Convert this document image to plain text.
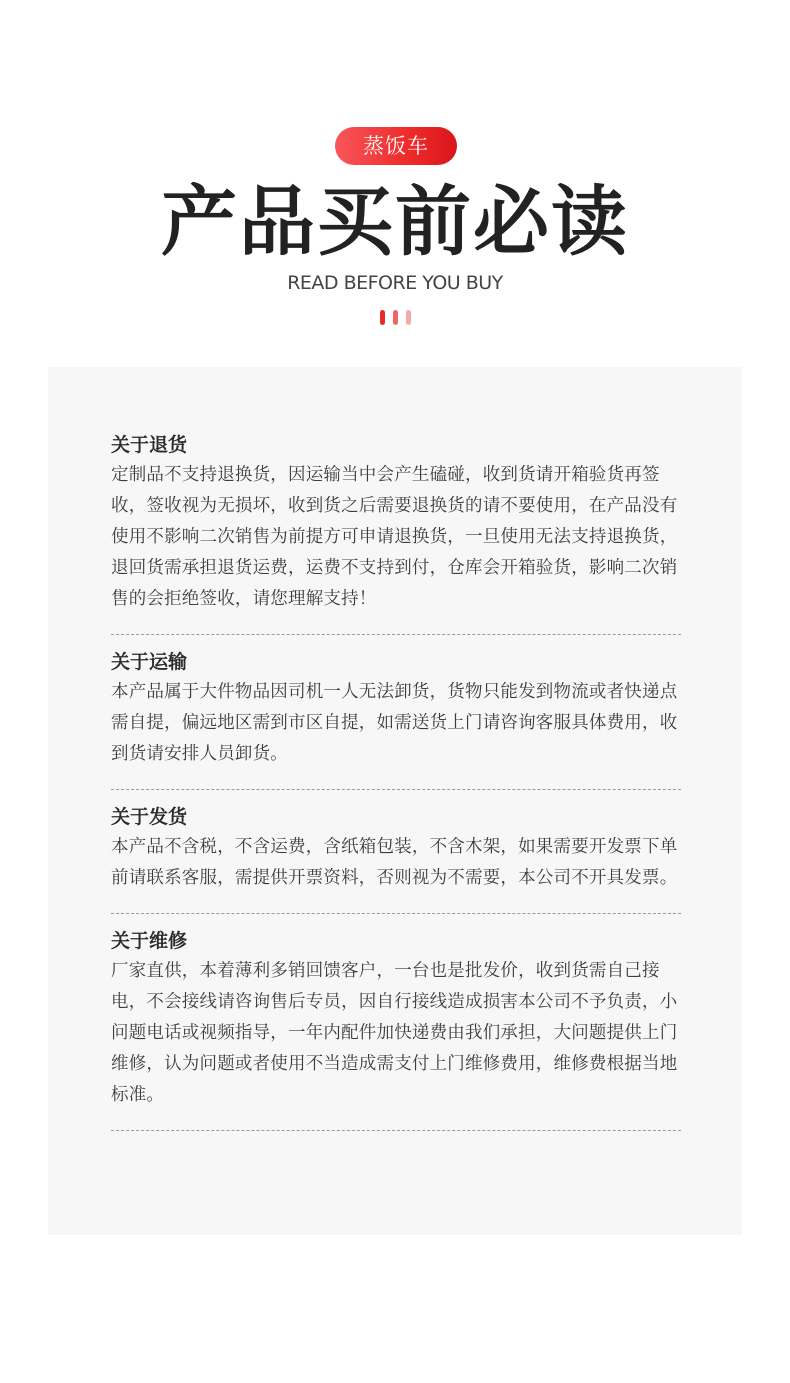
蒸饭车
产品买前必读
READ BEFORE YOU BUY
关于退货

定制品不支持退换货，因运输当中会产生磕碰，收到货请开箱验货再签收，签收视为无损坏，收到货之后需要退换货的请不要使用，在产品没有使用不影响二次销售为前提方可申请退换货，一旦使用无法支持退换货，退回货需承担退货运费，运费不支持到付，仓库会开箱验货，影响二次销售的会拒绝签收，请您理解支持！

关于运输

本产品属于大件物品因司机一人无法卸货，货物只能发到物流或者快递点需自提，偏远地区需到市区自提，如需送货上门请咨询客服具体费用，收到货请安排人员卸货。

关于发货

本产品不含税，不含运费，含纸箱包装，不含木架，如果需要开发票下单前请联系客服，需提供开票资料，否则视为不需要，本公司不开具发票。

关于维修

厂家直供，本着薄利多销回馈客户，一台也是批发价，收到货需自己接电，不会接线请咨询售后专员，因自行接线造成损害本公司不予负责，小问题电话或视频指导，一年内配件加快递费由我们承担，大问题提供上门维修，认为问题或者使用不当造成需支付上门维修费用，维修费根据当地标准。
